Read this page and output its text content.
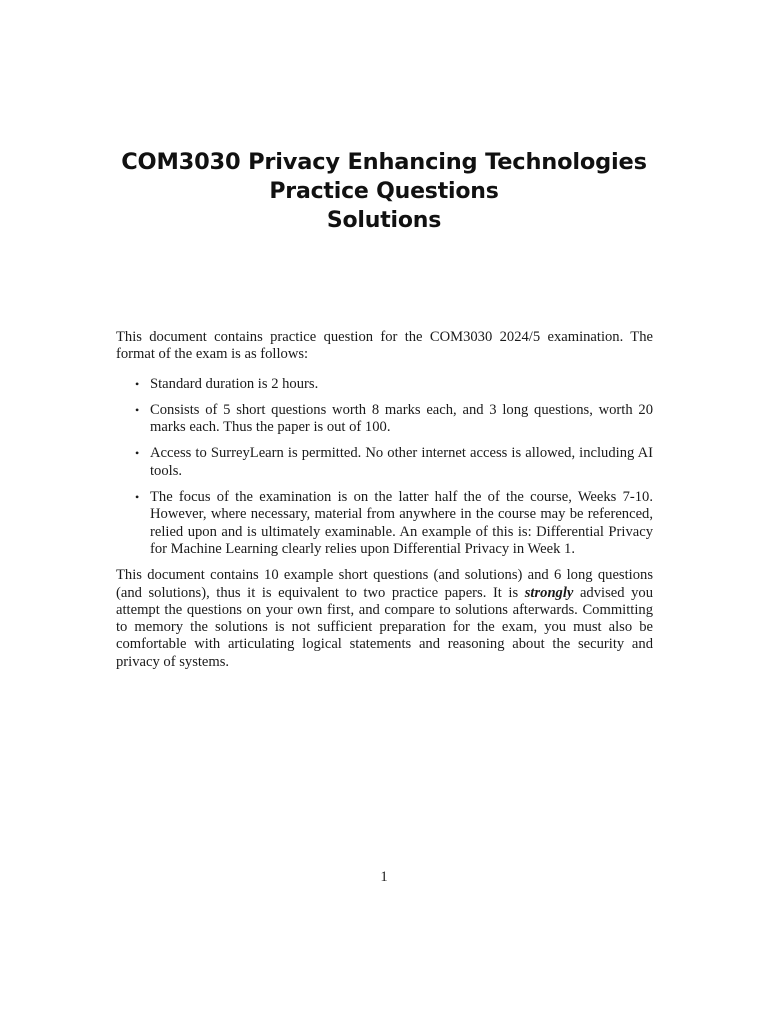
COM3030 Privacy Enhancing Technologies
Practice Questions
Solutions

This document contains practice question for the COM3030 2024/5 examination. The format of the exam is as follows:

• Standard duration is 2 hours.
• Consists of 5 short questions worth 8 marks each, and 3 long questions, worth 20 marks each. Thus the paper is out of 100.
• Access to SurreyLearn is permitted. No other internet access is allowed, including AI tools.
• The focus of the examination is on the latter half the of the course, Weeks 7-10. However, where necessary, material from anywhere in the course may be referenced, relied upon and is ultimately examinable. An example of this is: Differential Privacy for Machine Learning clearly relies upon Differential Privacy in Week 1.

This document contains 10 example short questions (and solutions) and 6 long questions (and solutions), thus it is equivalent to two practice papers. It is strongly advised you attempt the questions on your own first, and compare to solutions afterwards. Committing to memory the solutions is not sufficient preparation for the exam, you must also be comfortable with articulating logical statements and reasoning about the security and privacy of systems.

1
